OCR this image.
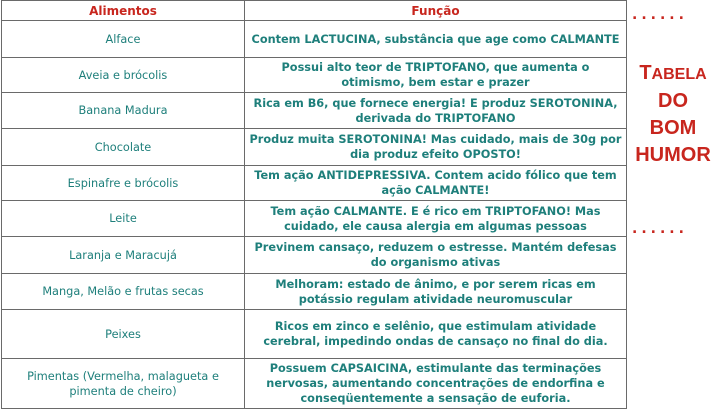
Alimentos	Função
Alface	Contem LACTUCINA, substância que age como CALMANTE
Aveia e brócolis	Possui alto teor de TRIPTOFANO, que aumenta o otimismo, bem estar e prazer
Banana Madura	Rica em B6, que fornece energia! E produz SEROTONINA, derivada do TRIPTOFANO
Chocolate	Produz muita SEROTONINA! Mas cuidado, mais de 30g por dia produz efeito OPOSTO!
Espinafre e brócolis	Tem ação ANTIDEPRESSIVA. Contem acido fólico que tem ação CALMANTE!
Leite	Tem ação CALMANTE. E é rico em TRIPTOFANO! Mas cuidado, ele causa alergia em algumas pessoas
Laranja e Maracujá	Previnem cansaço, reduzem o estresse. Mantém defesas do organismo ativas
Manga, Melão e frutas secas	Melhoram: estado de ânimo, e por serem ricas em potássio regulam atividade neuromuscular
Peixes	Ricos em zinco e selênio, que estimulam atividade cerebral, impedindo ondas de cansaço no final do dia.
Pimentas (Vermelha, malagueta e pimenta de cheiro)	Possuem CAPSAICINA, estimulante das terminações nervosas, aumentando concentrações de endorfina e conseqüentemente a sensação de euforia.
......
TABELA
DO
BOM
HUMOR
......
